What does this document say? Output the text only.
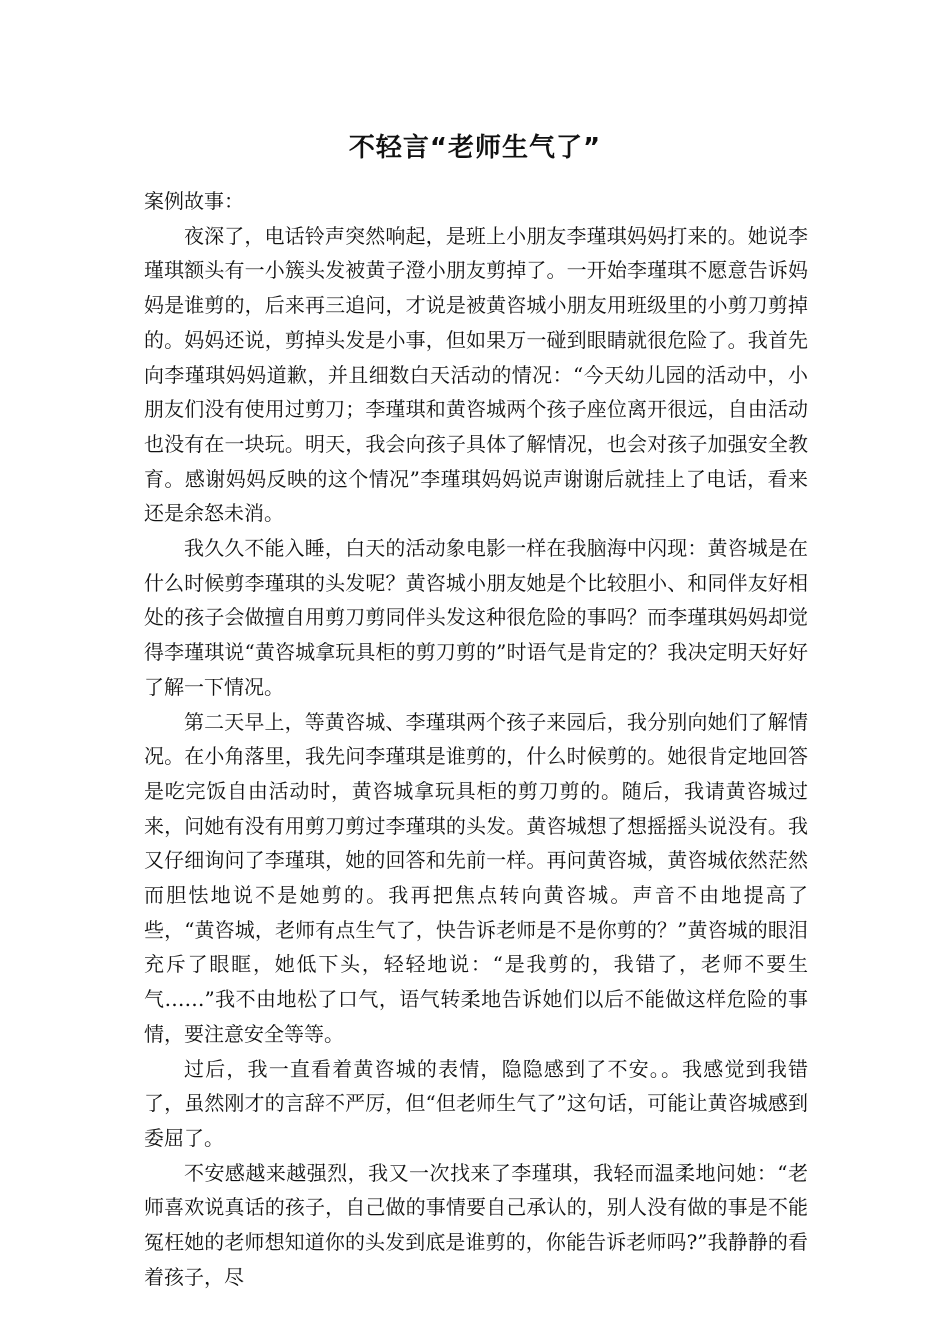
不轻言“老师生气了”

案例故事：

夜深了，电话铃声突然响起，是班上小朋友李瑾琪妈妈打来的。她说李瑾琪额头有一小簇头发被黄子澄小朋友剪掉了。一开始李瑾琪不愿意告诉妈妈是谁剪的，后来再三追问，才说是被黄咨城小朋友用班级里的小剪刀剪掉的。妈妈还说，剪掉头发是小事，但如果万一碰到眼睛就很危险了。我首先向李瑾琪妈妈道歉，并且细数白天活动的情况：“今天幼儿园的活动中，小朋友们没有使用过剪刀；李瑾琪和黄咨城两个孩子座位离开很远，自由活动也没有在一块玩。明天，我会向孩子具体了解情况，也会对孩子加强安全教育。感谢妈妈反映的这个情况”李瑾琪妈妈说声谢谢后就挂上了电话，看来还是余怒未消。

我久久不能入睡，白天的活动象电影一样在我脑海中闪现：黄咨城是在什么时候剪李瑾琪的头发呢？黄咨城小朋友她是个比较胆小、和同伴友好相处的孩子会做擅自用剪刀剪同伴头发这种很危险的事吗？而李瑾琪妈妈却觉得李瑾琪说“黄咨城拿玩具柜的剪刀剪的”时语气是肯定的？我决定明天好好了解一下情况。

第二天早上，等黄咨城、李瑾琪两个孩子来园后，我分别向她们了解情况。在小角落里，我先问李瑾琪是谁剪的，什么时候剪的。她很肯定地回答是吃完饭自由活动时，黄咨城拿玩具柜的剪刀剪的。随后，我请黄咨城过来，问她有没有用剪刀剪过李瑾琪的头发。黄咨城想了想摇摇头说没有。我又仔细询问了李瑾琪，她的回答和先前一样。再问黄咨城，黄咨城依然茫然而胆怯地说不是她剪的。我再把焦点转向黄咨城。声音不由地提高了些，“黄咨城，老师有点生气了，快告诉老师是不是你剪的？”黄咨城的眼泪充斥了眼眶，她低下头，轻轻地说：“是我剪的，我错了，老师不要生气……”我不由地松了口气，语气转柔地告诉她们以后不能做这样危险的事情，要注意安全等等。

过后，我一直看着黄咨城的表情，隐隐感到了不安。。我感觉到我错了，虽然刚才的言辞不严厉，但“但老师生气了”这句话，可能让黄咨城感到委屈了。

不安感越来越强烈，我又一次找来了李瑾琪，我轻而温柔地问她：“老师喜欢说真话的孩子，自己做的事情要自己承认的，别人没有做的事是不能冤枉她的老师想知道你的头发到底是谁剪的，你能告诉老师吗?”我静静的看着孩子，尽
